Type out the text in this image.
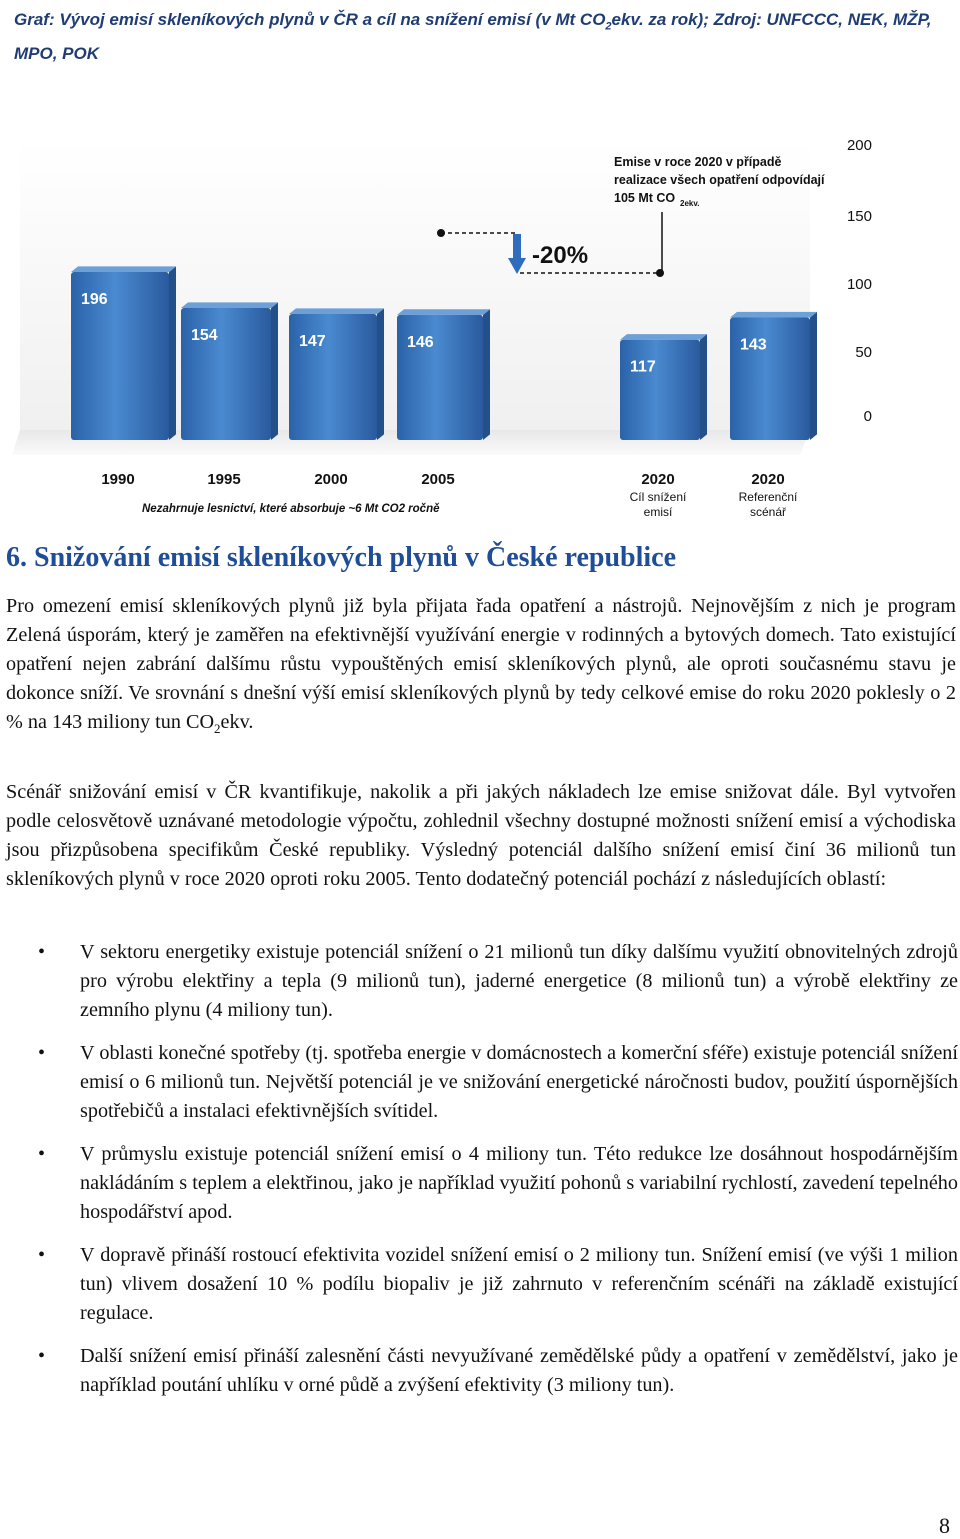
Graf: Vývoj emisí skleníkových plynů v ČR a cíl na snížení emisí (v Mt $CO_2ekv$. za rok); Zdroj: UNFCCC, NEK, MŽP, MPO, POK
196
154	147	146
117
143
0
50
100
150
200
1990	1995	2000	2005	2020
Cíl snížení
emisí
2020
Referenční
scénář
Emise v roce 2020 v případě
realizace všech opatření odpovídají
105 Mt CO 2ekv.
-20%
Nezahrnuje lesnictví, které absorbuje ~6 Mt CO2 ročně
6. Snižování emisí skleníkových plynů v České republice

Pro omezení emisí skleníkových plynů již byla přijata řada opatření a nástrojů. Nejnovějším z nich je program Zelená úsporám, který je zaměřen na efektivnější využívání energie v rodinných a bytových domech. Tato existující opatření nejen zabrání dalšímu růstu vypouštěných emisí skleníkových plynů, ale oproti současnému stavu je dokonce sníží. Ve srovnání s dnešní výší emisí skleníkových plynů by tedy celkové emise do roku 2020 poklesly o 2 % na 143 miliony tun $CO_2ekv$.

Scénář snižování emisí v ČR kvantifikuje, nakolik a při jakých nákladech lze emise snižovat dále. Byl vytvořen podle celosvětově uznávané metodologie výpočtu, zohlednil všechny dostupné možnosti snížení emisí a východiska jsou přizpůsobena specifikům České republiky. Výsledný potenciál dalšího snížení emisí činí 36 milionů tun skleníkových plynů v roce 2020 oproti roku 2005. Tento dodatečný potenciál pochází z následujících oblastí:

• V sektoru energetiky existuje potenciál snížení o 21 milionů tun díky dalšímu využití obnovitelných zdrojů pro výrobu elektřiny a tepla (9 milionů tun), jaderné energetice (8 milionů tun) a výrobě elektřiny ze zemního plynu (4 miliony tun).
• V oblasti konečné spotřeby (tj. spotřeba energie v domácnostech a komerční sféře) existuje potenciál snížení emisí o 6 milionů tun. Největší potenciál je ve snižování energetické náročnosti budov, použití úspornějších spotřebičů a instalaci efektivnějších svítidel.
• V průmyslu existuje potenciál snížení emisí o 4 miliony tun. Této redukce lze dosáhnout hospodárnějším nakládáním s teplem a elektřinou, jako je například využití pohonů s variabilní rychlostí, zavedení tepelného hospodářství apod.
• V dopravě přináší rostoucí efektivita vozidel snížení emisí o 2 miliony tun. Snížení emisí (ve výši 1 milion tun) vlivem dosažení 10 % podílu biopaliv je již zahrnuto v referenčním scénáři na základě existující regulace.
• Další snížení emisí přináší zalesnění části nevyužívané zemědělské půdy a opatření v zemědělství, jako je například poutání uhlíku v orné půdě a zvýšení efektivity (3 miliony tun).
8
